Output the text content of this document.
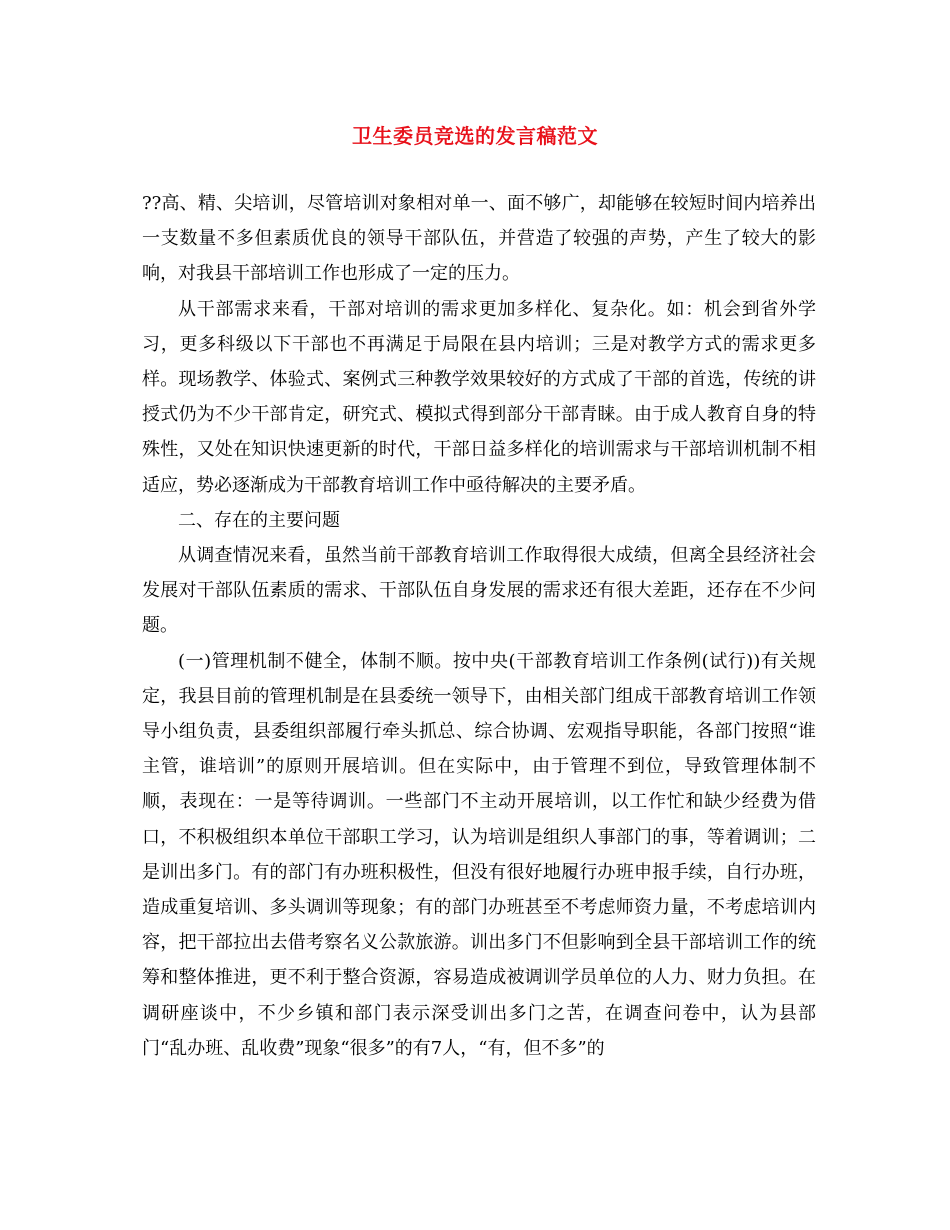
卫生委员竞选的发言稿范文

??高、精、尖培训，尽管培训对象相对单一、面不够广，却能够在较短时间内培养出一支数量不多但素质优良的领导干部队伍，并营造了较强的声势，产生了较大的影响，对我县干部培训工作也形成了一定的压力。

从干部需求来看，干部对培训的需求更加多样化、复杂化。如：机会到省外学习，更多科级以下干部也不再满足于局限在县内培训；三是对教学方式的需求更多样。现场教学、体验式、案例式三种教学效果较好的方式成了干部的首选，传统的讲授式仍为不少干部肯定，研究式、模拟式得到部分干部青睐。由于成人教育自身的特殊性，又处在知识快速更新的时代，干部日益多样化的培训需求与干部培训机制不相适应，势必逐渐成为干部教育培训工作中亟待解决的主要矛盾。

二、存在的主要问题

从调查情况来看，虽然当前干部教育培训工作取得很大成绩，但离全县经济社会发展对干部队伍素质的需求、干部队伍自身发展的需求还有很大差距，还存在不少问题。

(一)管理机制不健全，体制不顺。按中央(干部教育培训工作条例(试行))有关规定，我县目前的管理机制是在县委统一领导下，由相关部门组成干部教育培训工作领导小组负责，县委组织部履行牵头抓总、综合协调、宏观指导职能，各部门按照“谁主管，谁培训”的原则开展培训。但在实际中，由于管理不到位，导致管理体制不顺，表现在：一是等待调训。一些部门不主动开展培训，以工作忙和缺少经费为借口，不积极组织本单位干部职工学习，认为培训是组织人事部门的事，等着调训；二是训出多门。有的部门有办班积极性，但没有很好地履行办班申报手续，自行办班，造成重复培训、多头调训等现象；有的部门办班甚至不考虑师资力量，不考虑培训内容，把干部拉出去借考察名义公款旅游。训出多门不但影响到全县干部培训工作的统筹和整体推进，更不利于整合资源，容易造成被调训学员单位的人力、财力负担。在调研座谈中，不少乡镇和部门表示深受训出多门之苦，在调查问卷中，认为县部门“乱办班、乱收费”现象“很多”的有7人，“有，但不多”的
